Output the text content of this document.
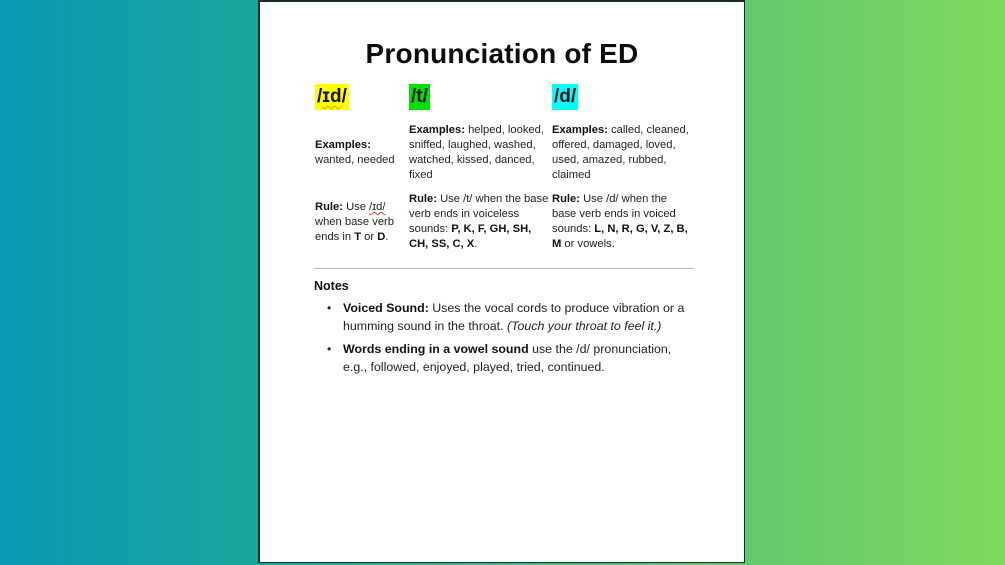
Pronunciation of ED
/ɪd/
Examples:
wanted, needed
Rule: Use /ɪd/ when base verb ends in T or D.
/t/
Examples: helped, looked, sniffed, laughed, washed, watched, kissed, danced, fixed
Rule: Use /t/ when the base verb ends in voiceless sounds: P, K, F, GH, SH, CH, SS, C, X.
/d/
Examples: called, cleaned, offered, damaged, loved, used, amazed, rubbed, claimed
Rule: Use /d/ when the base verb ends in voiced sounds: L, N, R, G, V, Z, B, M or vowels.
Notes
• Voiced Sound: Uses the vocal cords to produce vibration or a humming sound in the throat. (Touch your throat to feel it.)
• Words ending in a vowel sound use the /d/ pronunciation, e.g., followed, enjoyed, played, tried, continued.
